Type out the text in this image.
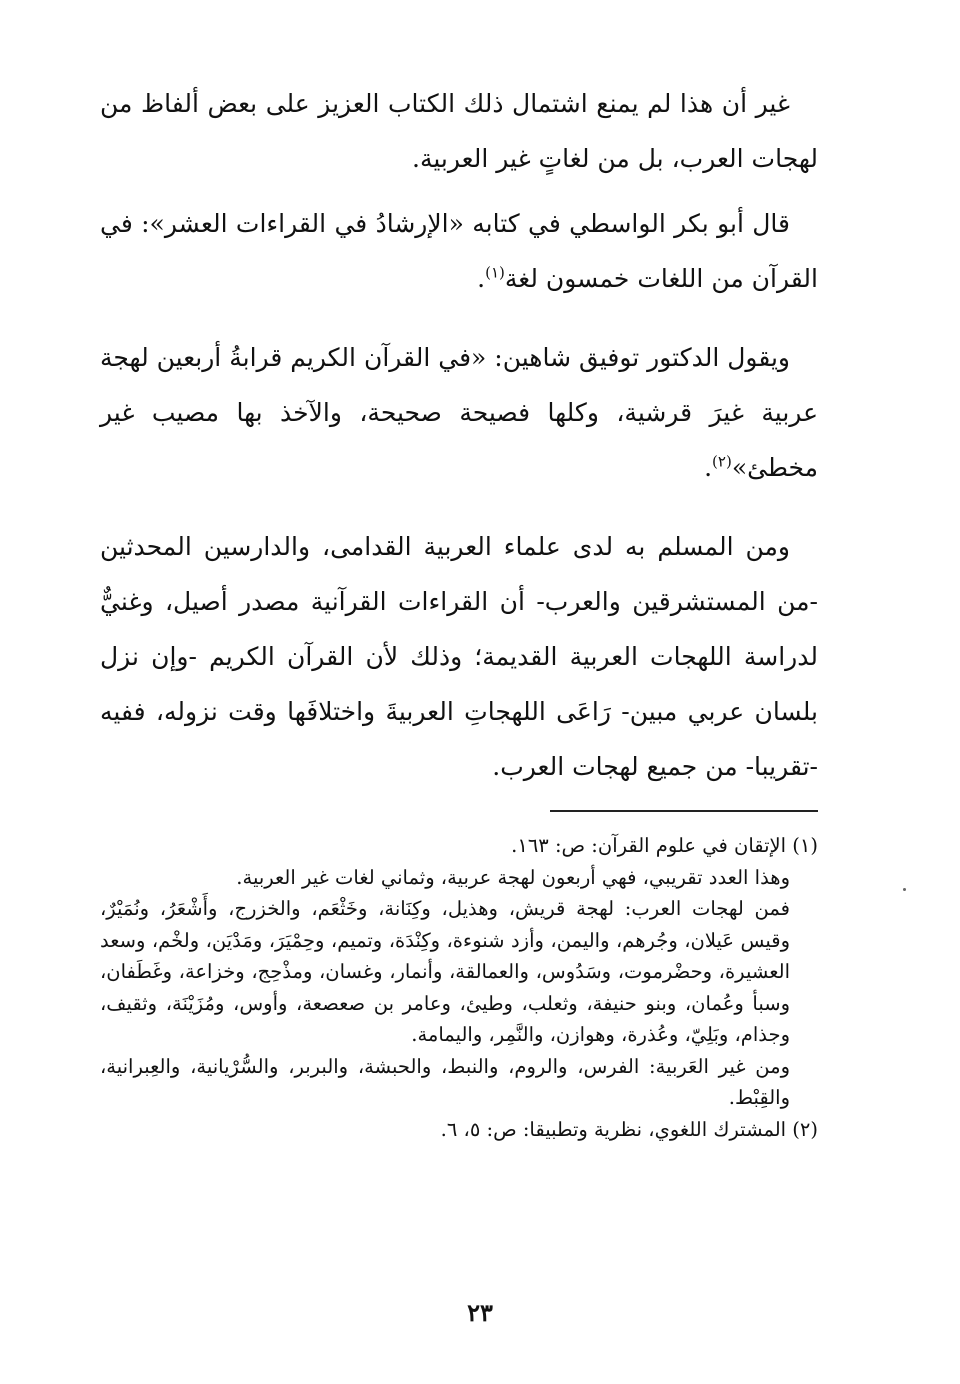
غير أن هذا لم يمنع اشتمال ذلك الكتاب العزيز على بعض ألفاظ من لهجات العرب، بل من لغاتٍ غير العربية.

قال أبو بكر الواسطي في كتابه «الإرشادُ في القراءات العشر»: في القرآن من اللغات خمسون لغة$^{(١)}$.

ويقول الدكتور توفيق شاهين: «في القرآن الكريم قرابةُ أربعين لهجة عربية غيرَ قرشية، وكلها فصيحة صحيحة، والآخذ بها مصيب غير مخطئ»$^{(٢)}$.

ومن المسلم به لدى علماء العربية القدامى، والدارسين المحدثين -من المستشرقين والعرب- أن القراءات القرآنية مصدر أصيل، وغنيٌّ لدراسة اللهجات العربية القديمة؛ وذلك لأن القرآن الكريم -وإن نزل بلسان عربي مبين- رَاعَى اللهجاتِ العربيةَ واختلافَها وقت نزوله، ففيه -تقريبا- من جميع لهجات العرب.

(١) الإتقان في علوم القرآن: ص: ١٦٣.

وهذا العدد تقريبي، فهي أربعون لهجة عربية، وثماني لغات غير العربية.

فمن لهجات العرب: لهجة قريش، وهذيل، وكِنَانة، وخَثْعَم، والخزرج، وأَشْعَرُ، ونُمَيْرٌ، وقيس عَيلان، وجُرهم، واليمن، وأزد شنوءة، وكِنْدَة، وتميم، وحِمْيَرَ، ومَدْيَن، ولخْم، وسعد العشيرة، وحضْرموت، وسَدُوس، والعمالقة، وأنمار، وغسان، ومذْحِج، وخزاعة، وغَطَفان، وسبأ وعُمان، وبنو حنيفة، وثعلب، وطيئ، وعامر بن صعصعة، وأوس، ومُزَيْنَة، وثقيف، وجذام، وبَلِيّ، وعُذرة، وهوازن، والنَّمِر، واليمامة.

ومن غير العَربية: الفرس، والروم، والنبط، والحبشة، والبربر، والسُّرْيانية، والعِبرانية، والقِبْط.

(٢) المشترك اللغوي، نظرية وتطبيقا: ص: ٥، ٦.

٢٣
